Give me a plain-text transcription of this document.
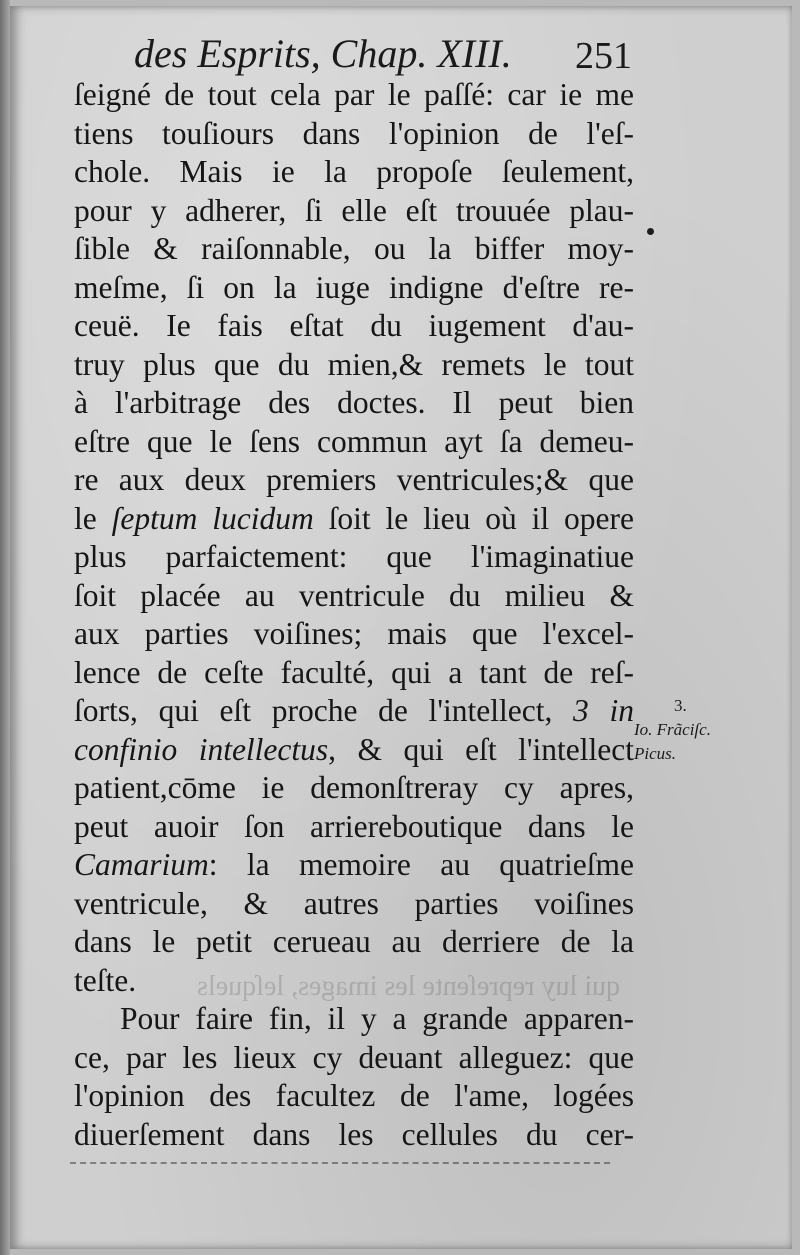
qui luy repreſente les images, leſquels
des Esprits, Chap. XIII.	251
ſeigné de tout cela par le paſſé: car ie me
tiens touſiours dans l'opinion de l'eſ-
chole. Mais ie la propoſe ſeulement,
pour y adherer, ſi elle eſt trouuée plau-
ſible & raiſonnable, ou la biffer moy-
meſme, ſi on la iuge indigne d'eſtre re-
ceuë. Ie fais eſtat du iugement d'au-
truy plus que du mien,& remets le tout
à l'arbitrage des doctes. Il peut bien
eſtre que le ſens commun ayt ſa demeu-
re aux deux premiers ventricules;& que
le ſeptum lucidum ſoit le lieu où il opere
plus parfaictement: que l'imaginatiue
ſoit placée au ventricule du milieu &
aux parties voiſines; mais que l'excel-
lence de ceſte faculté, qui a tant de reſ-
ſorts, qui eſt proche de l'intellect, 3 in
confinio intellectus, & qui eſt l'intellect
patient,cōme ie demonſtreray cy apres,
peut auoir ſon arriereboutique dans le
Camarium: la memoire au quatrieſme
ventricule, & autres parties voiſines
dans le petit cerueau au derriere de la
teſte.
Pour faire fin, il y a grande apparen-
ce, par les lieux cy deuant alleguez: que
l'opinion des facultez de l'ame, logées
diuerſement dans les cellules du cer-
3.
Io. Frãciſc.
Picus.
